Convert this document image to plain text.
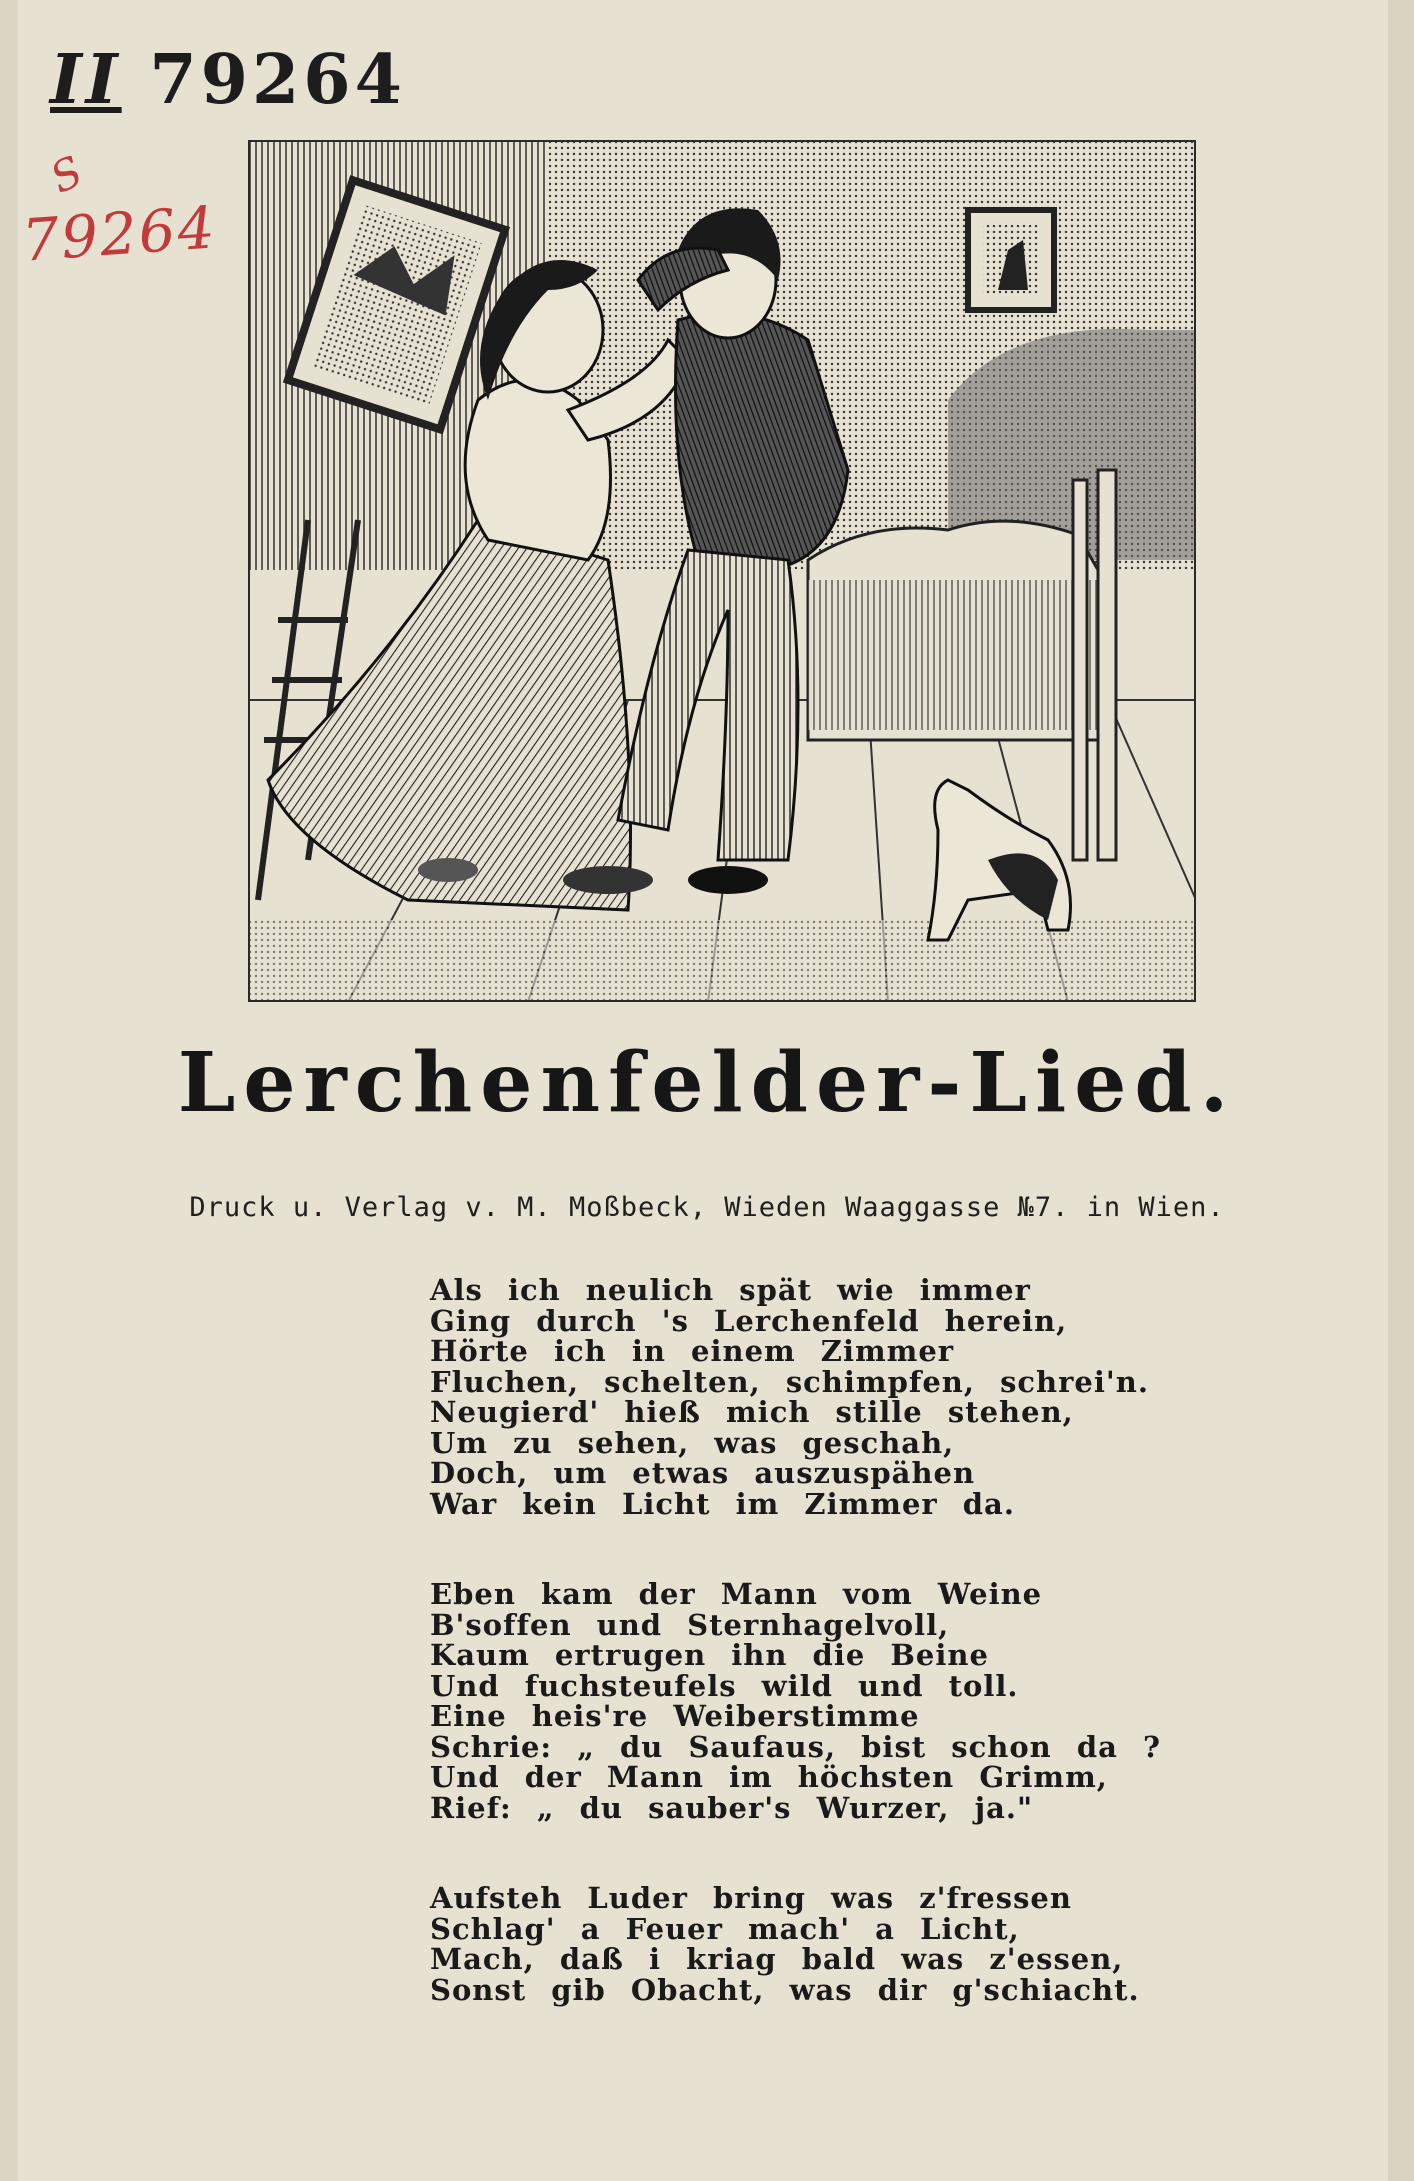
II 79264
S
79264
Lerchenfelder-Lied.
Druck u. Verlag v. M. Moßbeck, Wieden Waaggasse №7. in Wien.
Als ich neulich spät wie immer
Ging durch 's Lerchenfeld herein,
Hörte ich in einem Zimmer
Fluchen, schelten, schimpfen, schrei'n.
Neugierd' hieß mich stille stehen,
Um zu sehen, was geschah,
Doch, um etwas auszuspähen
War kein Licht im Zimmer da.
Eben kam der Mann vom Weine
B'soffen und Sternhagelvoll,
Kaum ertrugen ihn die Beine
Und fuchsteufels wild und toll.
Eine heis're Weiberstimme
Schrie: „ du Saufaus, bist schon da ?
Und der Mann im höchsten Grimm,
Rief: „ du sauber's Wurzer, ja."
Aufsteh Luder bring was z'fressen
Schlag' a Feuer mach' a Licht,
Mach, daß i kriag bald was z'essen,
Sonst gib Obacht, was dir g'schiacht.
